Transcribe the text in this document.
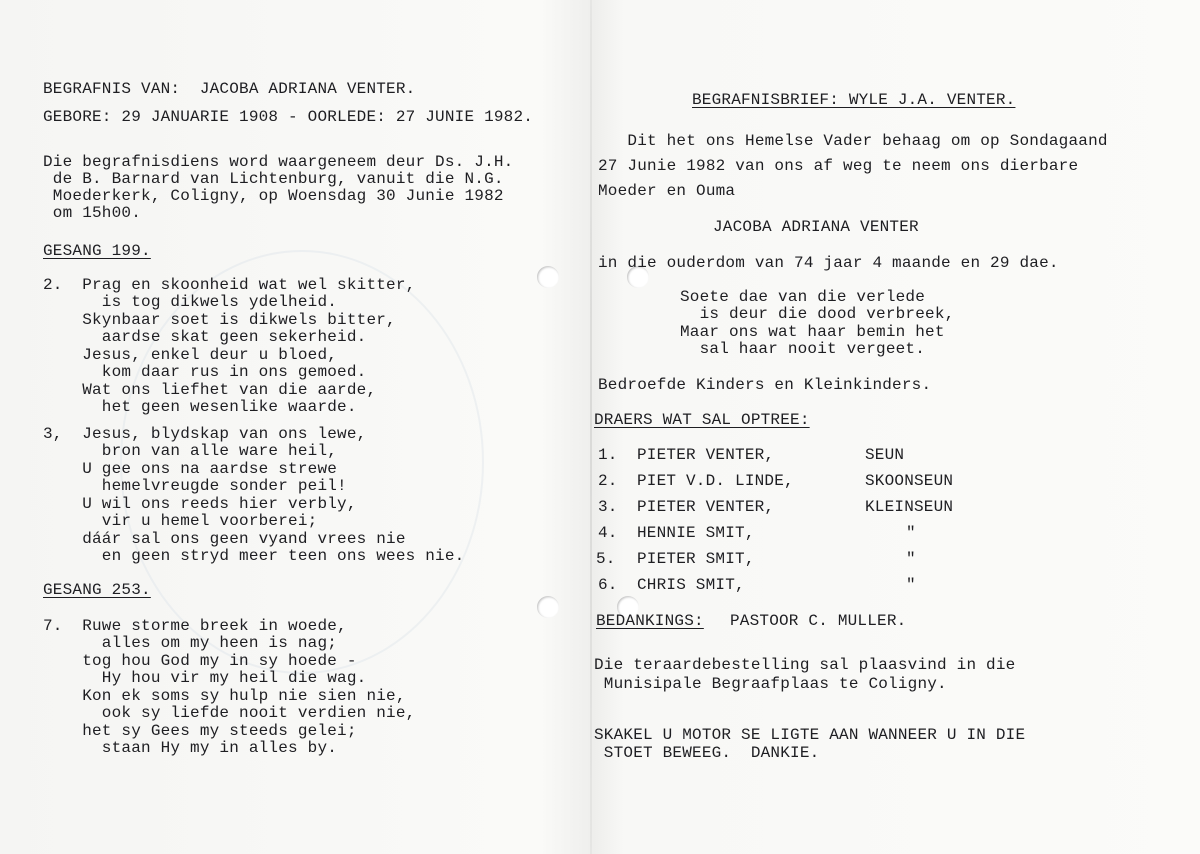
BEGRAFNIS VAN:  JACOBA ADRIANA VENTER.
GEBORE: 29 JANUARIE 1908 - OORLEDE: 27 JUNIE 1982.
Die begrafnisdiens word waargeneem deur Ds. J.H.
de B. Barnard van Lichtenburg, vanuit die N.G.
Moederkerk, Coligny, op Woensdag 30 Junie 1982
om 15h00.
GESANG 199.
2.  Prag en skoonheid wat wel skitter,
is tog dikwels ydelheid.
Skynbaar soet is dikwels bitter,
aardse skat geen sekerheid.
Jesus, enkel deur u bloed,
kom daar rus in ons gemoed.
Wat ons liefhet van die aarde,
het geen wesenlike waarde.
3,  Jesus, blydskap van ons lewe,
bron van alle ware heil,
U gee ons na aardse strewe
hemelvreugde sonder peil!
U wil ons reeds hier verbly,
vir u hemel voorberei;
dáár sal ons geen vyand vrees nie
en geen stryd meer teen ons wees nie.
GESANG 253.
7.  Ruwe storme breek in woede,
alles om my heen is nag;
tog hou God my in sy hoede -
Hy hou vir my heil die wag.
Kon ek soms sy hulp nie sien nie,
ook sy liefde nooit verdien nie,
het sy Gees my steeds gelei;
staan Hy my in alles by.
BEGRAFNISBRIEF: WYLE J.A. VENTER.
Dit het ons Hemelse Vader behaag om op Sondagaand
27 Junie 1982 van ons af weg te neem ons dierbare
Moeder en Ouma
JACOBA ADRIANA VENTER
in die ouderdom van 74 jaar 4 maande en 29 dae.
Soete dae van die verlede
is deur die dood verbreek,
Maar ons wat haar bemin het
sal haar nooit vergeet.
Bedroefde Kinders en Kleinkinders.
DRAERS WAT SAL OPTREE:
1. PIETER VENTER,	SEUN
2. PIET V.D. LINDE,	SKOONSEUN
3. PIETER VENTER,	KLEINSEUN
4. HENNIE SMIT,	"
5. PIETER SMIT,	"
6. CHRIS SMIT,	"
BEDANKINGS: PASTOOR C. MULLER.
Die teraardebestelling sal plaasvind in die
Munisipale Begraafplaas te Coligny.
SKAKEL U MOTOR SE LIGTE AAN WANNEER U IN DIE
STOET BEWEEG.  DANKIE.
